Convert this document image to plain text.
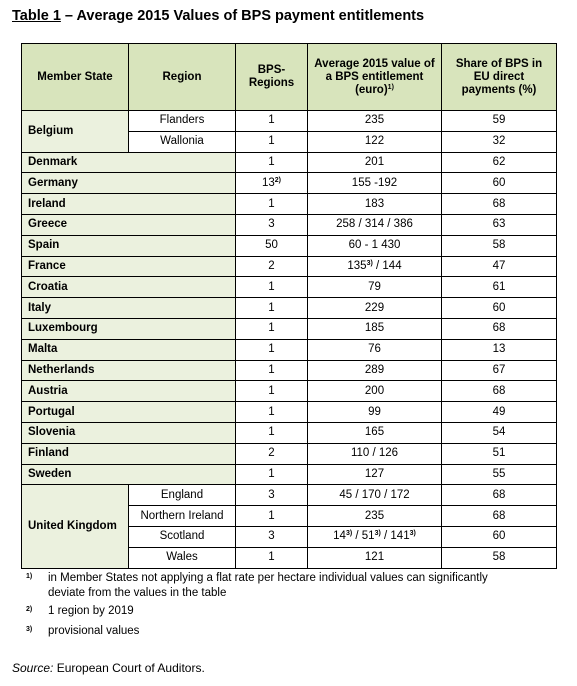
Table 1 – Average 2015 Values of BPS payment entitlements
Member State	Region	BPS-Regions	Average 2015 value of a BPS entitlement (euro)$^{1)}$	Share of BPS in EU direct payments (%)
Belgium	Flanders	1	235	59
	Wallonia	1	122	32
Denmark		1	201	62
Germany		13$^{2)}$	155 -192	60
Ireland		1	183	68
Greece		3	258 / 314 / 386	63
Spain		50	60 - 1 430	58
France		2	135$^{3)}$ / 144	47
Croatia		1	79	61
Italy		1	229	60
Luxembourg		1	185	68
Malta		1	76	13
Netherlands		1	289	67
Austria		1	200	68
Portugal		1	99	49
Slovenia		1	165	54
Finland		2	110 / 126	51
Sweden		1	127	55
United Kingdom	England	3	45 / 170 / 172	68
	Northern Ireland	1	235	68
	Scotland	3	14$^{3)}$ / 51$^{3)}$ / 141$^{3)}$	60
	Wales	1	121	58
1) in Member States not applying a flat rate per hectare individual values can significantly deviate from the values in the table
2) 1 region by 2019
3) provisional values
Source: European Court of Auditors.
